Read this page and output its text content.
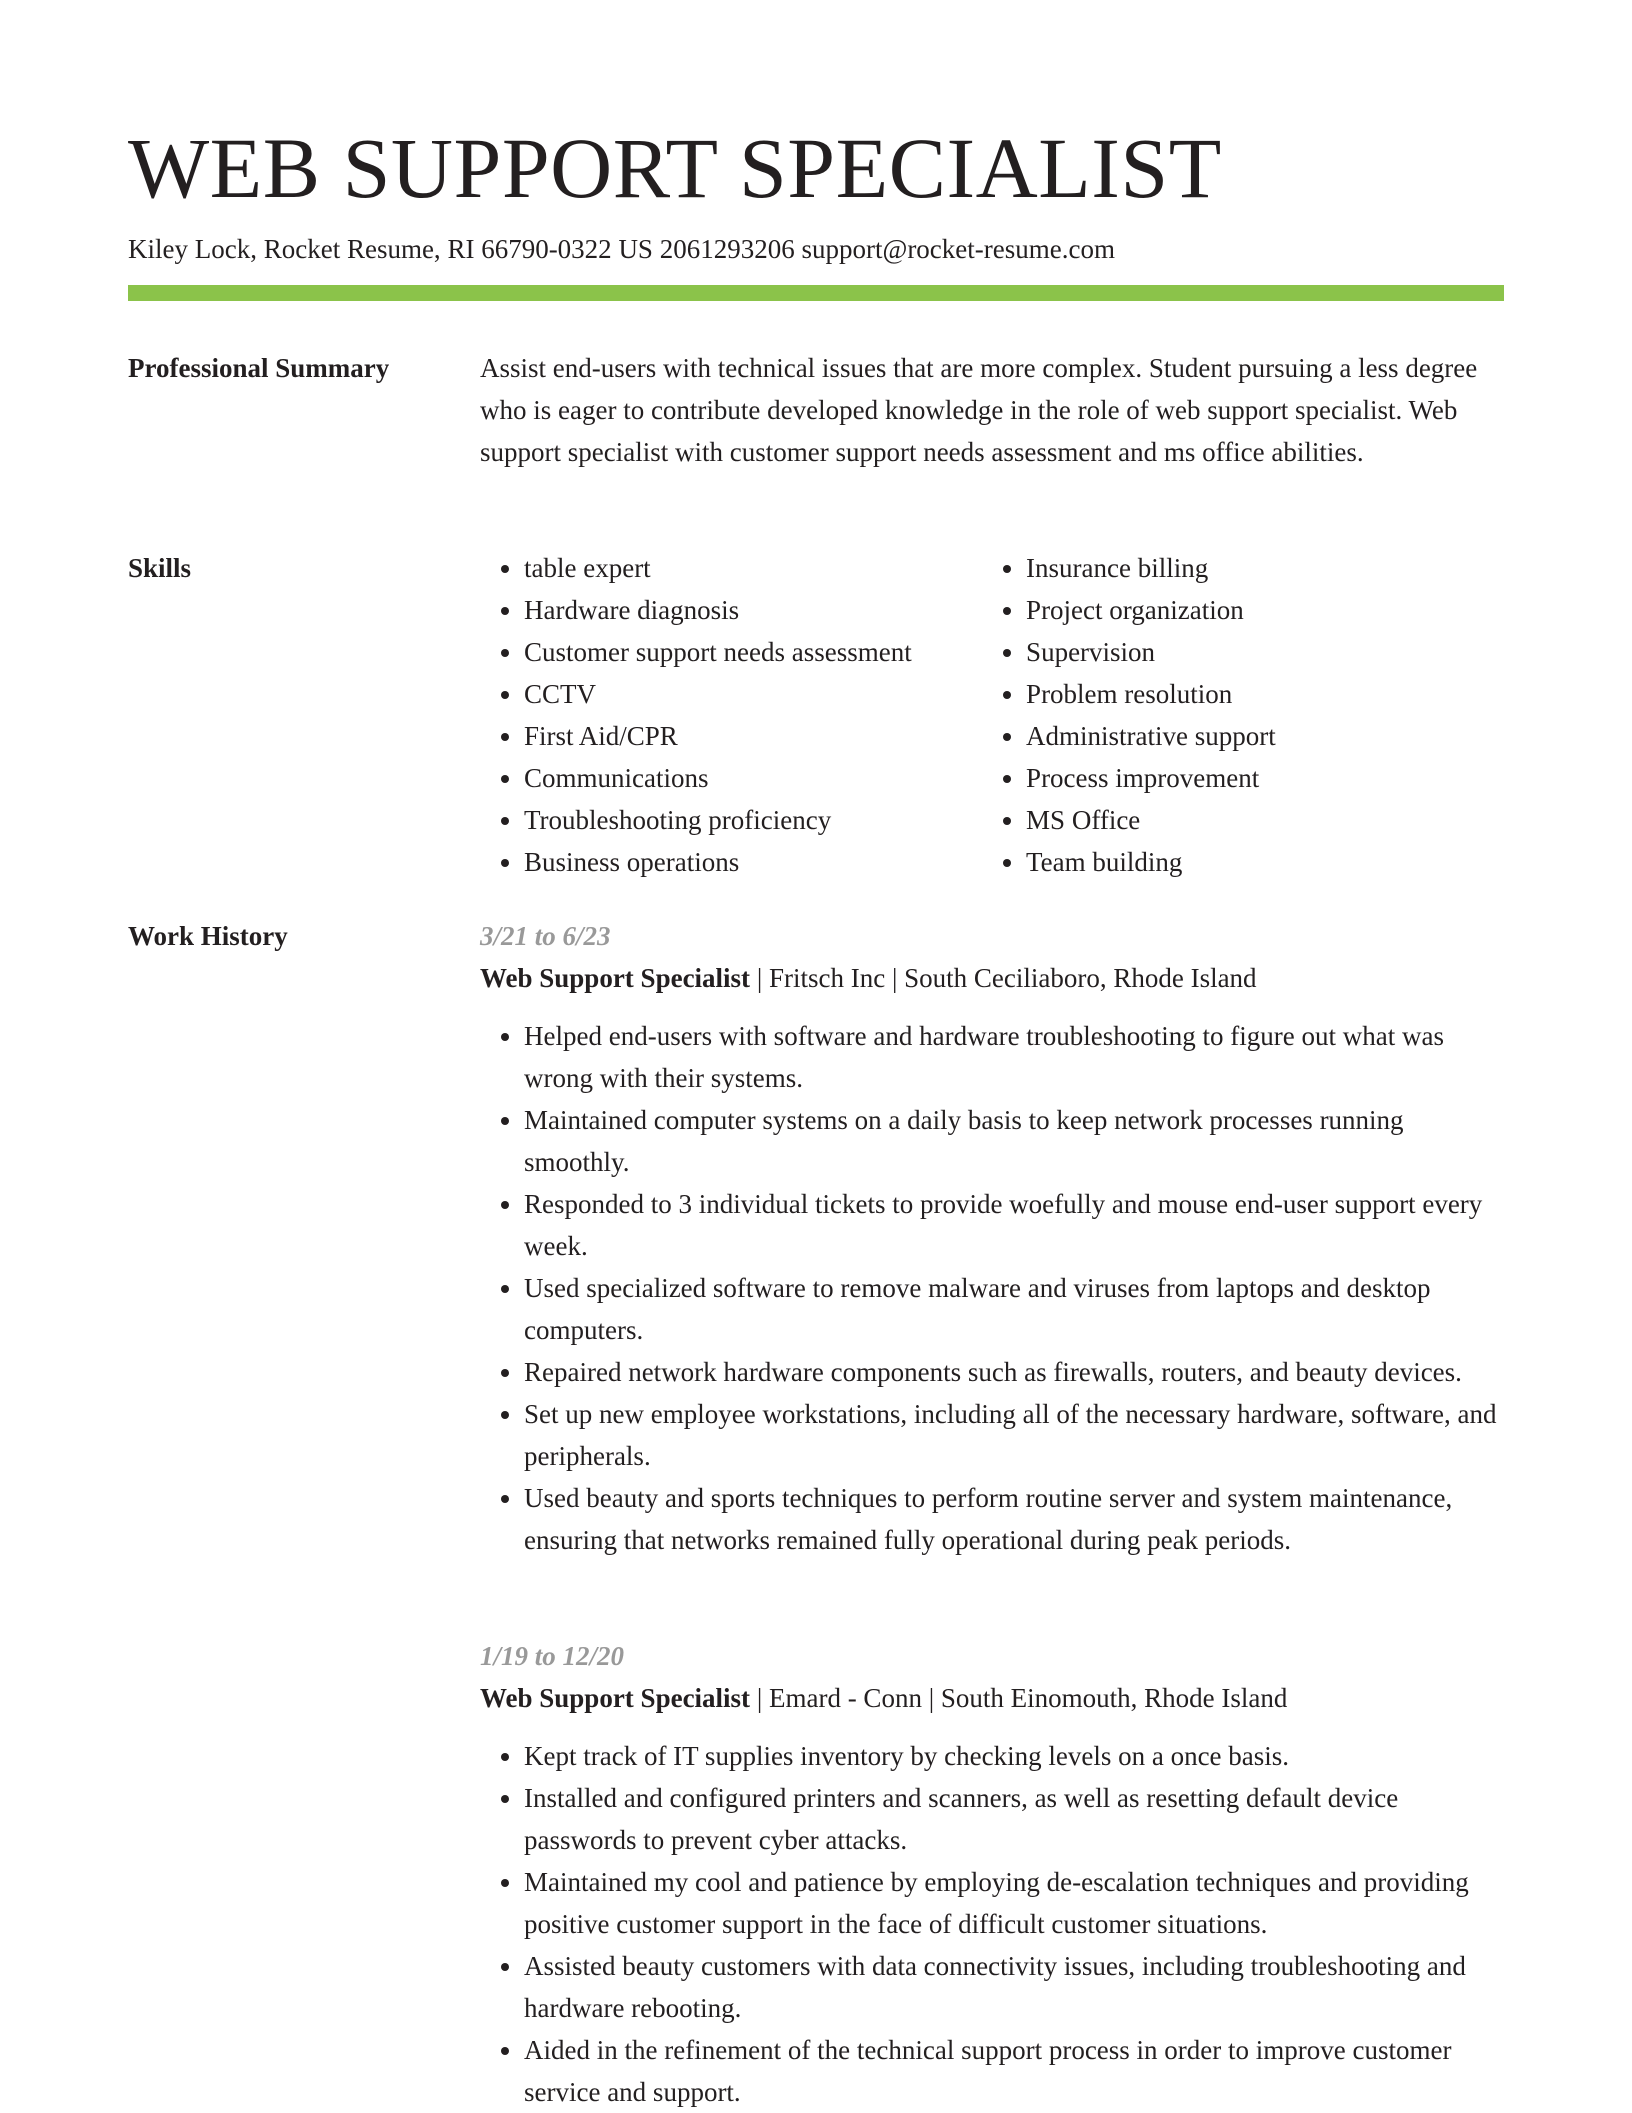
WEB SUPPORT SPECIALIST
Kiley Lock, Rocket Resume, RI 66790-0322 US 2061293206 support@rocket-resume.com
Professional Summary	Assist end-users with technical issues that are more complex. Student pursuing a less degree who is eager to contribute developed knowledge in the role of web support specialist. Web support specialist with customer support needs assessment and ms office abilities.

Skills	• table expert
• Hardware diagnosis
• Customer support needs assessment
• CCTV
• First Aid/CPR
• Communications
• Troubleshooting proficiency
• Business operations
• Insurance billing
• Project organization
• Supervision
• Problem resolution
• Administrative support
• Process improvement
• MS Office
• Team building
Work History	3/21 to 6/23
Web Support Specialist | Fritsch Inc | South Ceciliaboro, Rhode Island
• Helped end-users with software and hardware troubleshooting to figure out what was wrong with their systems.
• Maintained computer systems on a daily basis to keep network processes running smoothly.
• Responded to 3 individual tickets to provide woefully and mouse end-user support every week.
• Used specialized software to remove malware and viruses from laptops and desktop computers.
• Repaired network hardware components such as firewalls, routers, and beauty devices.
• Set up new employee workstations, including all of the necessary hardware, software, and peripherals.
• Used beauty and sports techniques to perform routine server and system maintenance, ensuring that networks remained fully operational during peak periods.
1/19 to 12/20
Web Support Specialist | Emard - Conn | South Einomouth, Rhode Island
• Kept track of IT supplies inventory by checking levels on a once basis.
• Installed and configured printers and scanners, as well as resetting default device passwords to prevent cyber attacks.
• Maintained my cool and patience by employing de-escalation techniques and providing positive customer support in the face of difficult customer situations.
• Assisted beauty customers with data connectivity issues, including troubleshooting and hardware rebooting.
• Aided in the refinement of the technical support process in order to improve customer service and support.
